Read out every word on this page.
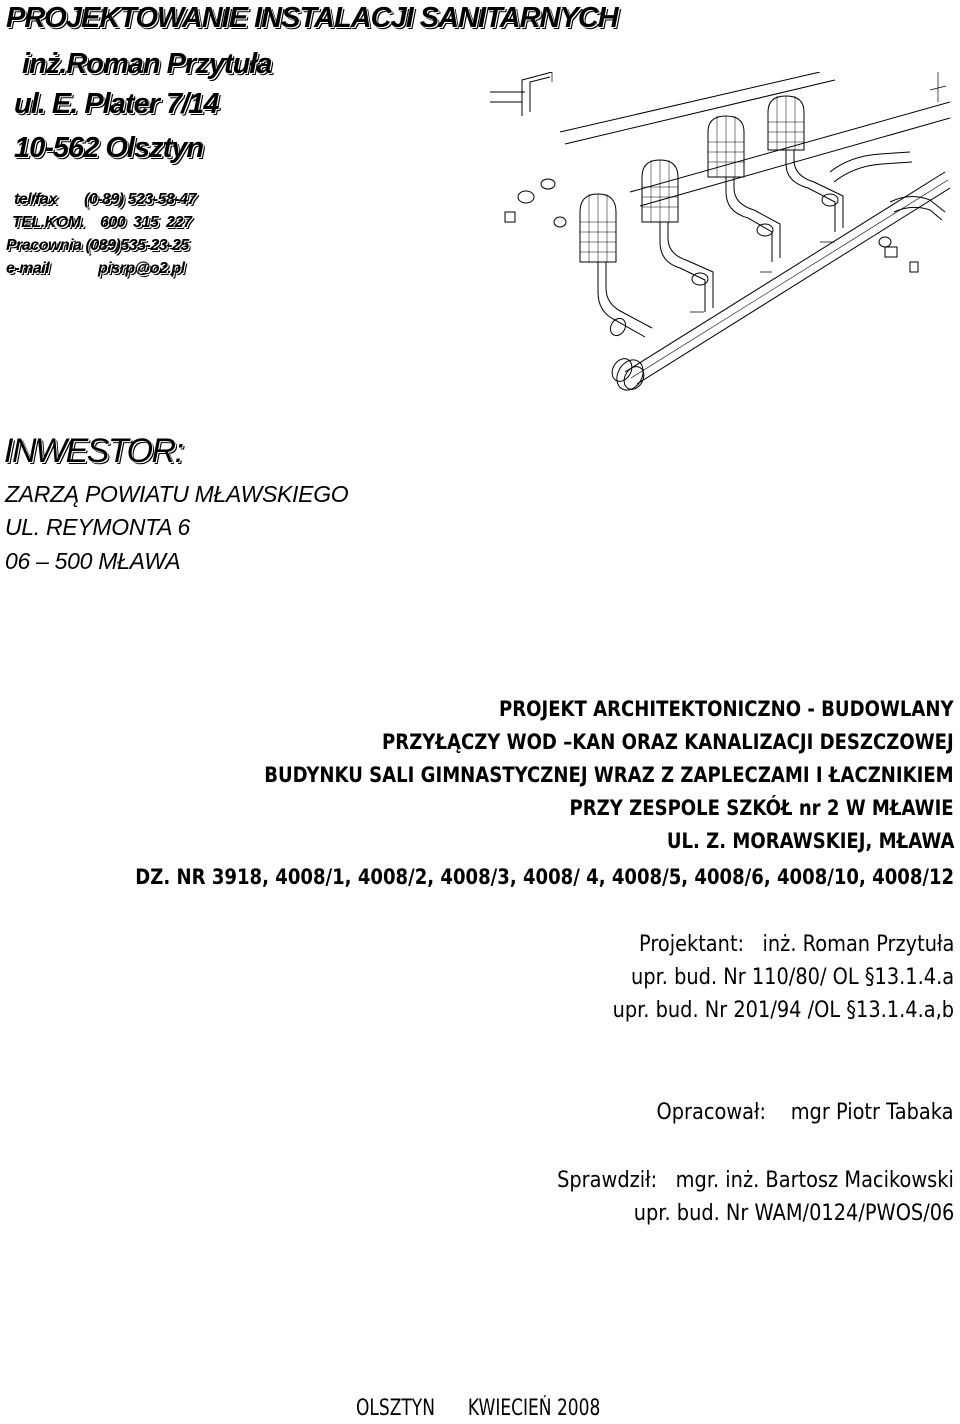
PROJEKTOWANIE INSTALACJI SANITARNYCH
inż.Roman Przytuła
ul. E. Plater 7/14
10-562 Olsztyn
tel/fax (0-89) 523-58-47
TEL.KOM. 600  315  227
Pracownia (089)535-23-25
e-mail	pisrp@o2.pl
INWESTOR:
ZARZĄ POWIATU MŁAWSKIEGO
UL. REYMONTA 6
06 – 500 MŁAWA
PROJEKT ARCHITEKTONICZNO - BUDOWLANY
PRZYŁĄCZY WOD –KAN ORAZ KANALIZACJI DESZCZOWEJ
BUDYNKU SALI GIMNASTYCZNEJ WRAZ Z ZAPLECZAMI I ŁACZNIKIEM
PRZY ZESPOLE SZKÓŁ nr 2 W MŁAWIE
UL. Z. MORAWSKIEJ, MŁAWA
DZ. NR 3918, 4008/1, 4008/2, 4008/3, 4008/ 4, 4008/5, 4008/6, 4008/10, 4008/12
Projektant: inż. Roman Przytuła
upr. bud. Nr 110/80/ OL §13.1.4.a
upr. bud. Nr 201/94 /OL §13.1.4.a,b
Opracował: mgr Piotr Tabaka
Sprawdził: mgr. inż. Bartosz Macikowski
upr. bud. Nr WAM/0124/PWOS/06
OLSZTYN KWIECIEŃ 2008
